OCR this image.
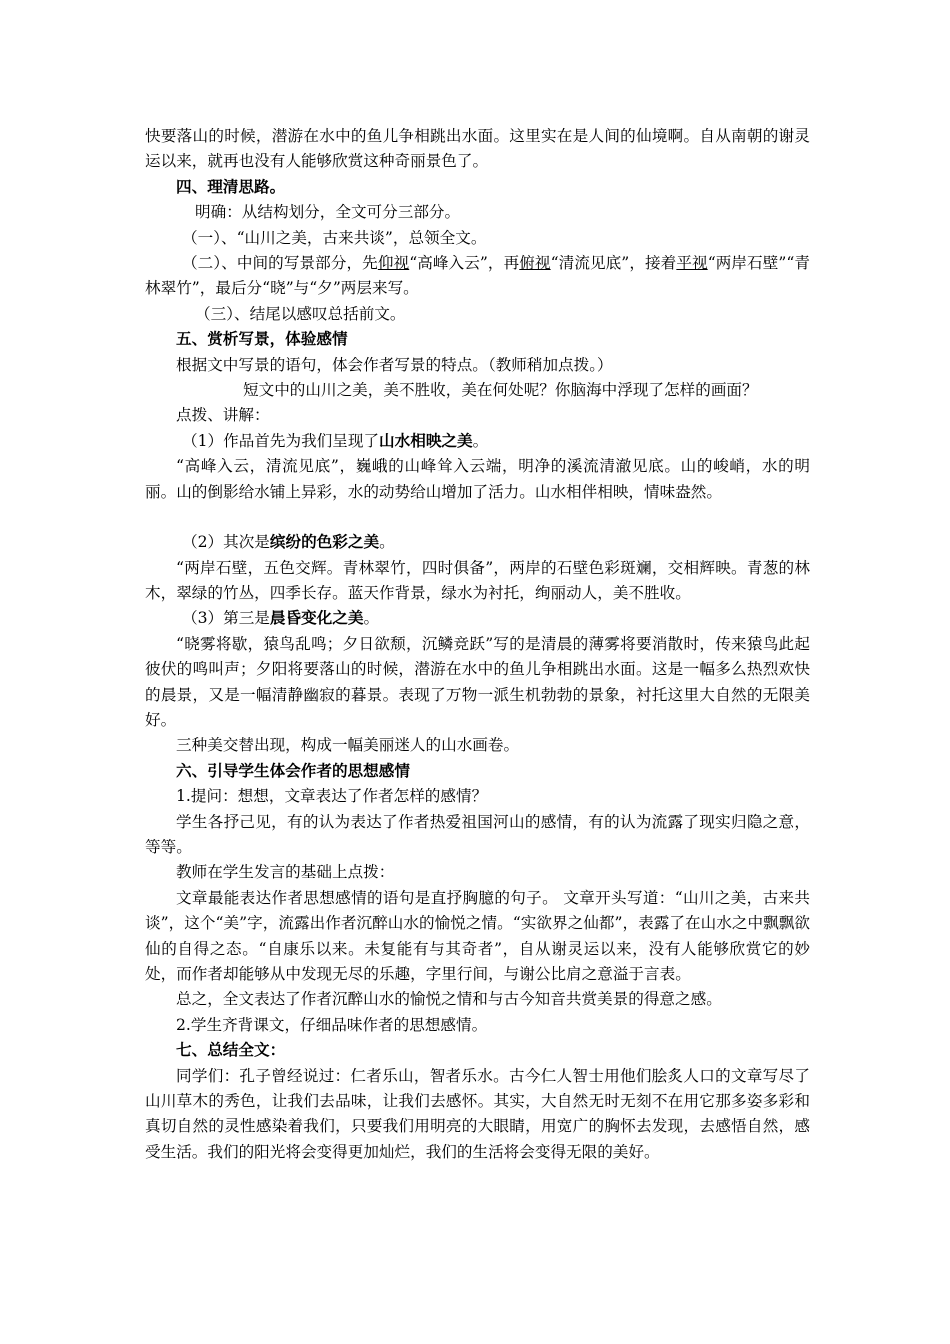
快要落山的时候，潜游在水中的鱼儿争相跳出水面。这里实在是人间的仙境啊。自从南朝的谢灵运以来，就再也没有人能够欣赏这种奇丽景色了。

四、理清思路。

明确：从结构划分，全文可分三部分。

（一）、“山川之美，古来共谈”，总领全文。

（二）、中间的写景部分，先仰视“高峰入云”，再俯视“清流见底”，接着平视“两岸石壁”“青林翠竹”，最后分“晓”与“夕”两层来写。

（三）、结尾以感叹总括前文。

五、赏析写景，体验感情

根据文中写景的语句，体会作者写景的特点。（教师稍加点拨。）

短文中的山川之美，美不胜收，美在何处呢？你脑海中浮现了怎样的画面？

点拨、讲解：

（1）作品首先为我们呈现了山水相映之美。

“高峰入云，清流见底”，巍峨的山峰耸入云端，明净的溪流清澈见底。山的峻峭，水的明丽。山的倒影给水铺上异彩，水的动势给山增加了活力。山水相伴相映，情味盎然。

（2）其次是缤纷的色彩之美。

“两岸石壁，五色交辉。青林翠竹，四时俱备”，两岸的石壁色彩斑斓，交相辉映。青葱的林木，翠绿的竹丛，四季长存。蓝天作背景，绿水为衬托，绚丽动人，美不胜收。

（3）第三是晨昏变化之美。

“晓雾将歇，猿鸟乱鸣；夕日欲颓，沉鳞竞跃”写的是清晨的薄雾将要消散时，传来猿鸟此起彼伏的鸣叫声；夕阳将要落山的时候，潜游在水中的鱼儿争相跳出水面。这是一幅多么热烈欢快的晨景，又是一幅清静幽寂的暮景。表现了万物一派生机勃勃的景象，衬托这里大自然的无限美好。

三种美交替出现，构成一幅美丽迷人的山水画卷。

六、引导学生体会作者的思想感情

1.提问：想想，文章表达了作者怎样的感情？

学生各抒己见，有的认为表达了作者热爱祖国河山的感情，有的认为流露了现实归隐之意，等等。

教师在学生发言的基础上点拨：

文章最能表达作者思想感情的语句是直抒胸臆的句子。 文章开头写道：“山川之美，古来共谈”，这个“美”字，流露出作者沉醉山水的愉悦之情。“实欲界之仙都”，表露了在山水之中飘飘欲仙的自得之态。“自康乐以来。未复能有与其奇者”，自从谢灵运以来，没有人能够欣赏它的妙处，而作者却能够从中发现无尽的乐趣，字里行间，与谢公比肩之意溢于言表。

总之，全文表达了作者沉醉山水的愉悦之情和与古今知音共赏美景的得意之感。

2.学生齐背课文，仔细品味作者的思想感情。

七、总结全文：

同学们：孔子曾经说过：仁者乐山，智者乐水。古今仁人智士用他们脍炙人口的文章写尽了山川草木的秀色，让我们去品味，让我们去感怀。其实，大自然无时无刻不在用它那多姿多彩和真切自然的灵性感染着我们，只要我们用明亮的大眼睛，用宽广的胸怀去发现，去感悟自然，感受生活。我们的阳光将会变得更加灿烂，我们的生活将会变得无限的美好。
